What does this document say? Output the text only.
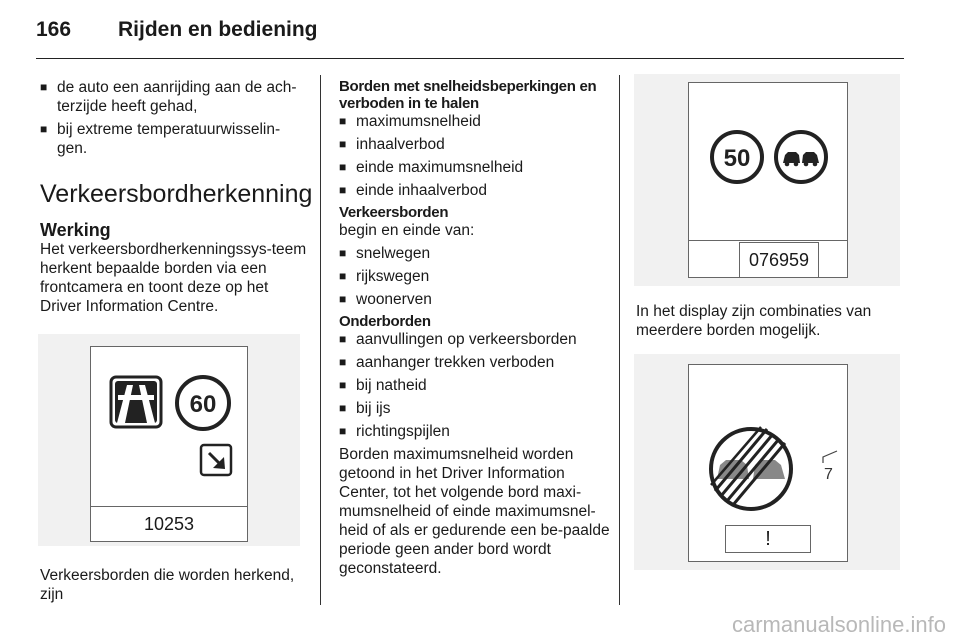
166	Rijden en bediening
■ de auto een aanrijding aan de ach-terzijde heeft gehad,
■ bij extreme temperatuurwisselin-gen.
Verkeersbordherkenning
Werking

Het verkeersbordherkenningssys-teem herkent bepaalde borden via een frontcamera en toont deze op het Driver Information Centre.

60
10253

Verkeersborden die worden herkend, zijn

Borden met snelheidsbeperkingen en verboden in te halen
■ maximumsnelheid
■ inhaalverbod
■ einde maximumsnelheid
■ einde inhaalverbod
Verkeersborden

begin en einde van:

■ snelwegen
■ rijkswegen
■ woonerven
Onderborden
■ aanvullingen op verkeersborden
■ aanhanger trekken verboden
■ bij natheid
■ bij ijs
■ richtingspijlen

Borden maximumsnelheid worden getoond in het Driver Information Center, tot het volgende bord maxi-mumsnelheid of einde maximumsnel-heid of als er gedurende een be-paalde periode geen ander bord wordt geconstateerd.

50
076959

In het display zijn combinaties van meerdere borden mogelijk.

7
!
carmanualsonline.info
